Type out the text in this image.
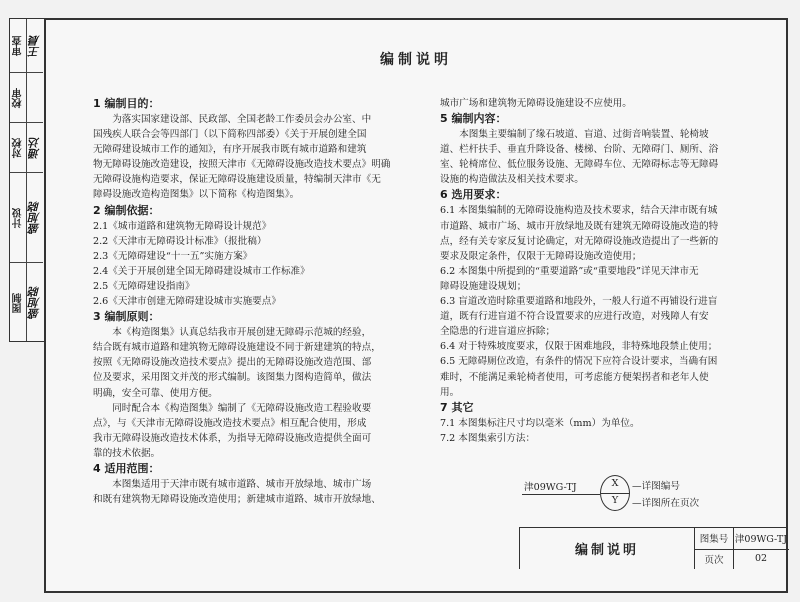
审查 王晨
校审
对校 通达
计设 盛旭晓
图制 盛旭晓
编制说明
1 编制目的：
为落实国家建设部、民政部、全国老龄工作委员会办公室、中
国残疾人联合会等四部门（以下简称四部委）《关于开展创建全国
无障碍建设城市工作的通知》，有序开展我市既有城市道路和建筑
物无障碍设施改造建设，按照天津市《无障碍设施改造技术要点》明确
无障碍设施构造要求，保证无障碍设施建设质量，特编制天津市《无
障碍设施改造构造图集》以下简称《构造图集》。
2 编制依据：
2.1《城市道路和建筑物无障碍设计规范》
2.2《天津市无障碍设计标准》（报批稿）
2.3《无障碍建设“十一五”实施方案》
2.4《关于开展创建全国无障碍建设城市工作标准》
2.5《无障碍建设指南》
2.6《天津市创建无障碍建设城市实施要点》
3 编制原则：
本《构造图集》认真总结我市开展创建无障碍示范城的经验，
结合既有城市道路和建筑物无障碍设施建设不同于新建建筑的特点，
按照《无障碍设施改造技术要点》提出的无障碍设施改造范围、部
位及要求，采用图文并茂的形式编制。该图集力图构造简单，做法
明确，安全可靠、使用方便。
同时配合本《构造图集》编制了《无障碍设施改造工程验收要
点》，与《天津市无障碍设施改造技术要点》相互配合使用，形成
我市无障碍设施改造技术体系，为指导无障碍设施改造提供全面可
靠的技术依据。
4 适用范围：
本图集适用于天津市既有城市道路、城市开放绿地、城市广场
和既有建筑物无障碍设施改造使用；新建城市道路、城市开放绿地、
城市广场和建筑物无障碍设施建设不应使用。
5 编制内容：
本图集主要编制了缘石坡道、盲道、过街音响装置、轮椅坡
道、栏杆扶手、垂直升降设备、楼梯、台阶、无障碍门、厕所、浴
室、轮椅席位、低位服务设施、无障碍车位、无障碍标志等无障碍
设施的构造做法及相关技术要求。
6 选用要求：
6.1 本图集编制的无障碍设施构造及技术要求，结合天津市既有城
市道路、城市广场、城市开放绿地及既有建筑无障碍设施改造的特
点，经有关专家反复讨论确定，对无障碍设施改造提出了一些新的
要求及限定条件，仅限于无障碍设施改造使用；
6.2 本图集中所提到的“重要道路”或“重要地段”详见天津市无
障碍设施建设规划；
6.3 盲道改造时除重要道路和地段外，一般人行道不再铺设行进盲
道，既有行进盲道不符合设置要求的应进行改造，对残障人有安
全隐患的行进盲道应拆除；
6.4 对于特殊坡度要求，仅限于困难地段，非特殊地段禁止使用；
6.5 无障碍厕位改造，有条件的情况下应符合设计要求，当确有困
难时，不能满足乘轮椅者使用，可考虑能方便架拐者和老年人使
用。
7 其它
7.1 本图集标注尺寸均以毫米（mm）为单位。
7.2 本图集索引方法：
津09WG-TJ	X
Y
—详图编号
—详图所在页次
编制说明
图集号 津09WG-TJ
页次	02
